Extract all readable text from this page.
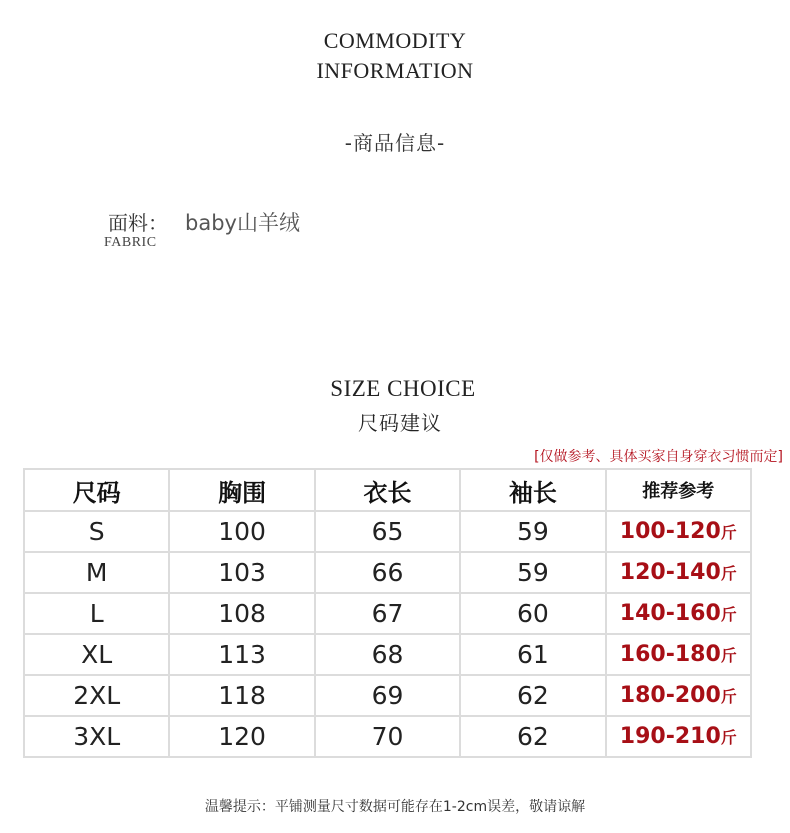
COMMODITY
INFORMATION
-商品信息-
面料： baby山羊绒
FABRIC
SIZE CHOICE
尺码建议
[仅做参考、具体买家自身穿衣习惯而定]
尺码	胸围	衣长	袖长	推荐参考
S	100	65	59	100-120斤
M	103	66	59	120-140斤
L	108	67	60	140-160斤
XL	113	68	61	160-180斤
2XL	118	69	62	180-200斤
3XL	120	70	62	190-210斤
温馨提示：平铺测量尺寸数据可能存在1-2cm误差，敬请谅解
